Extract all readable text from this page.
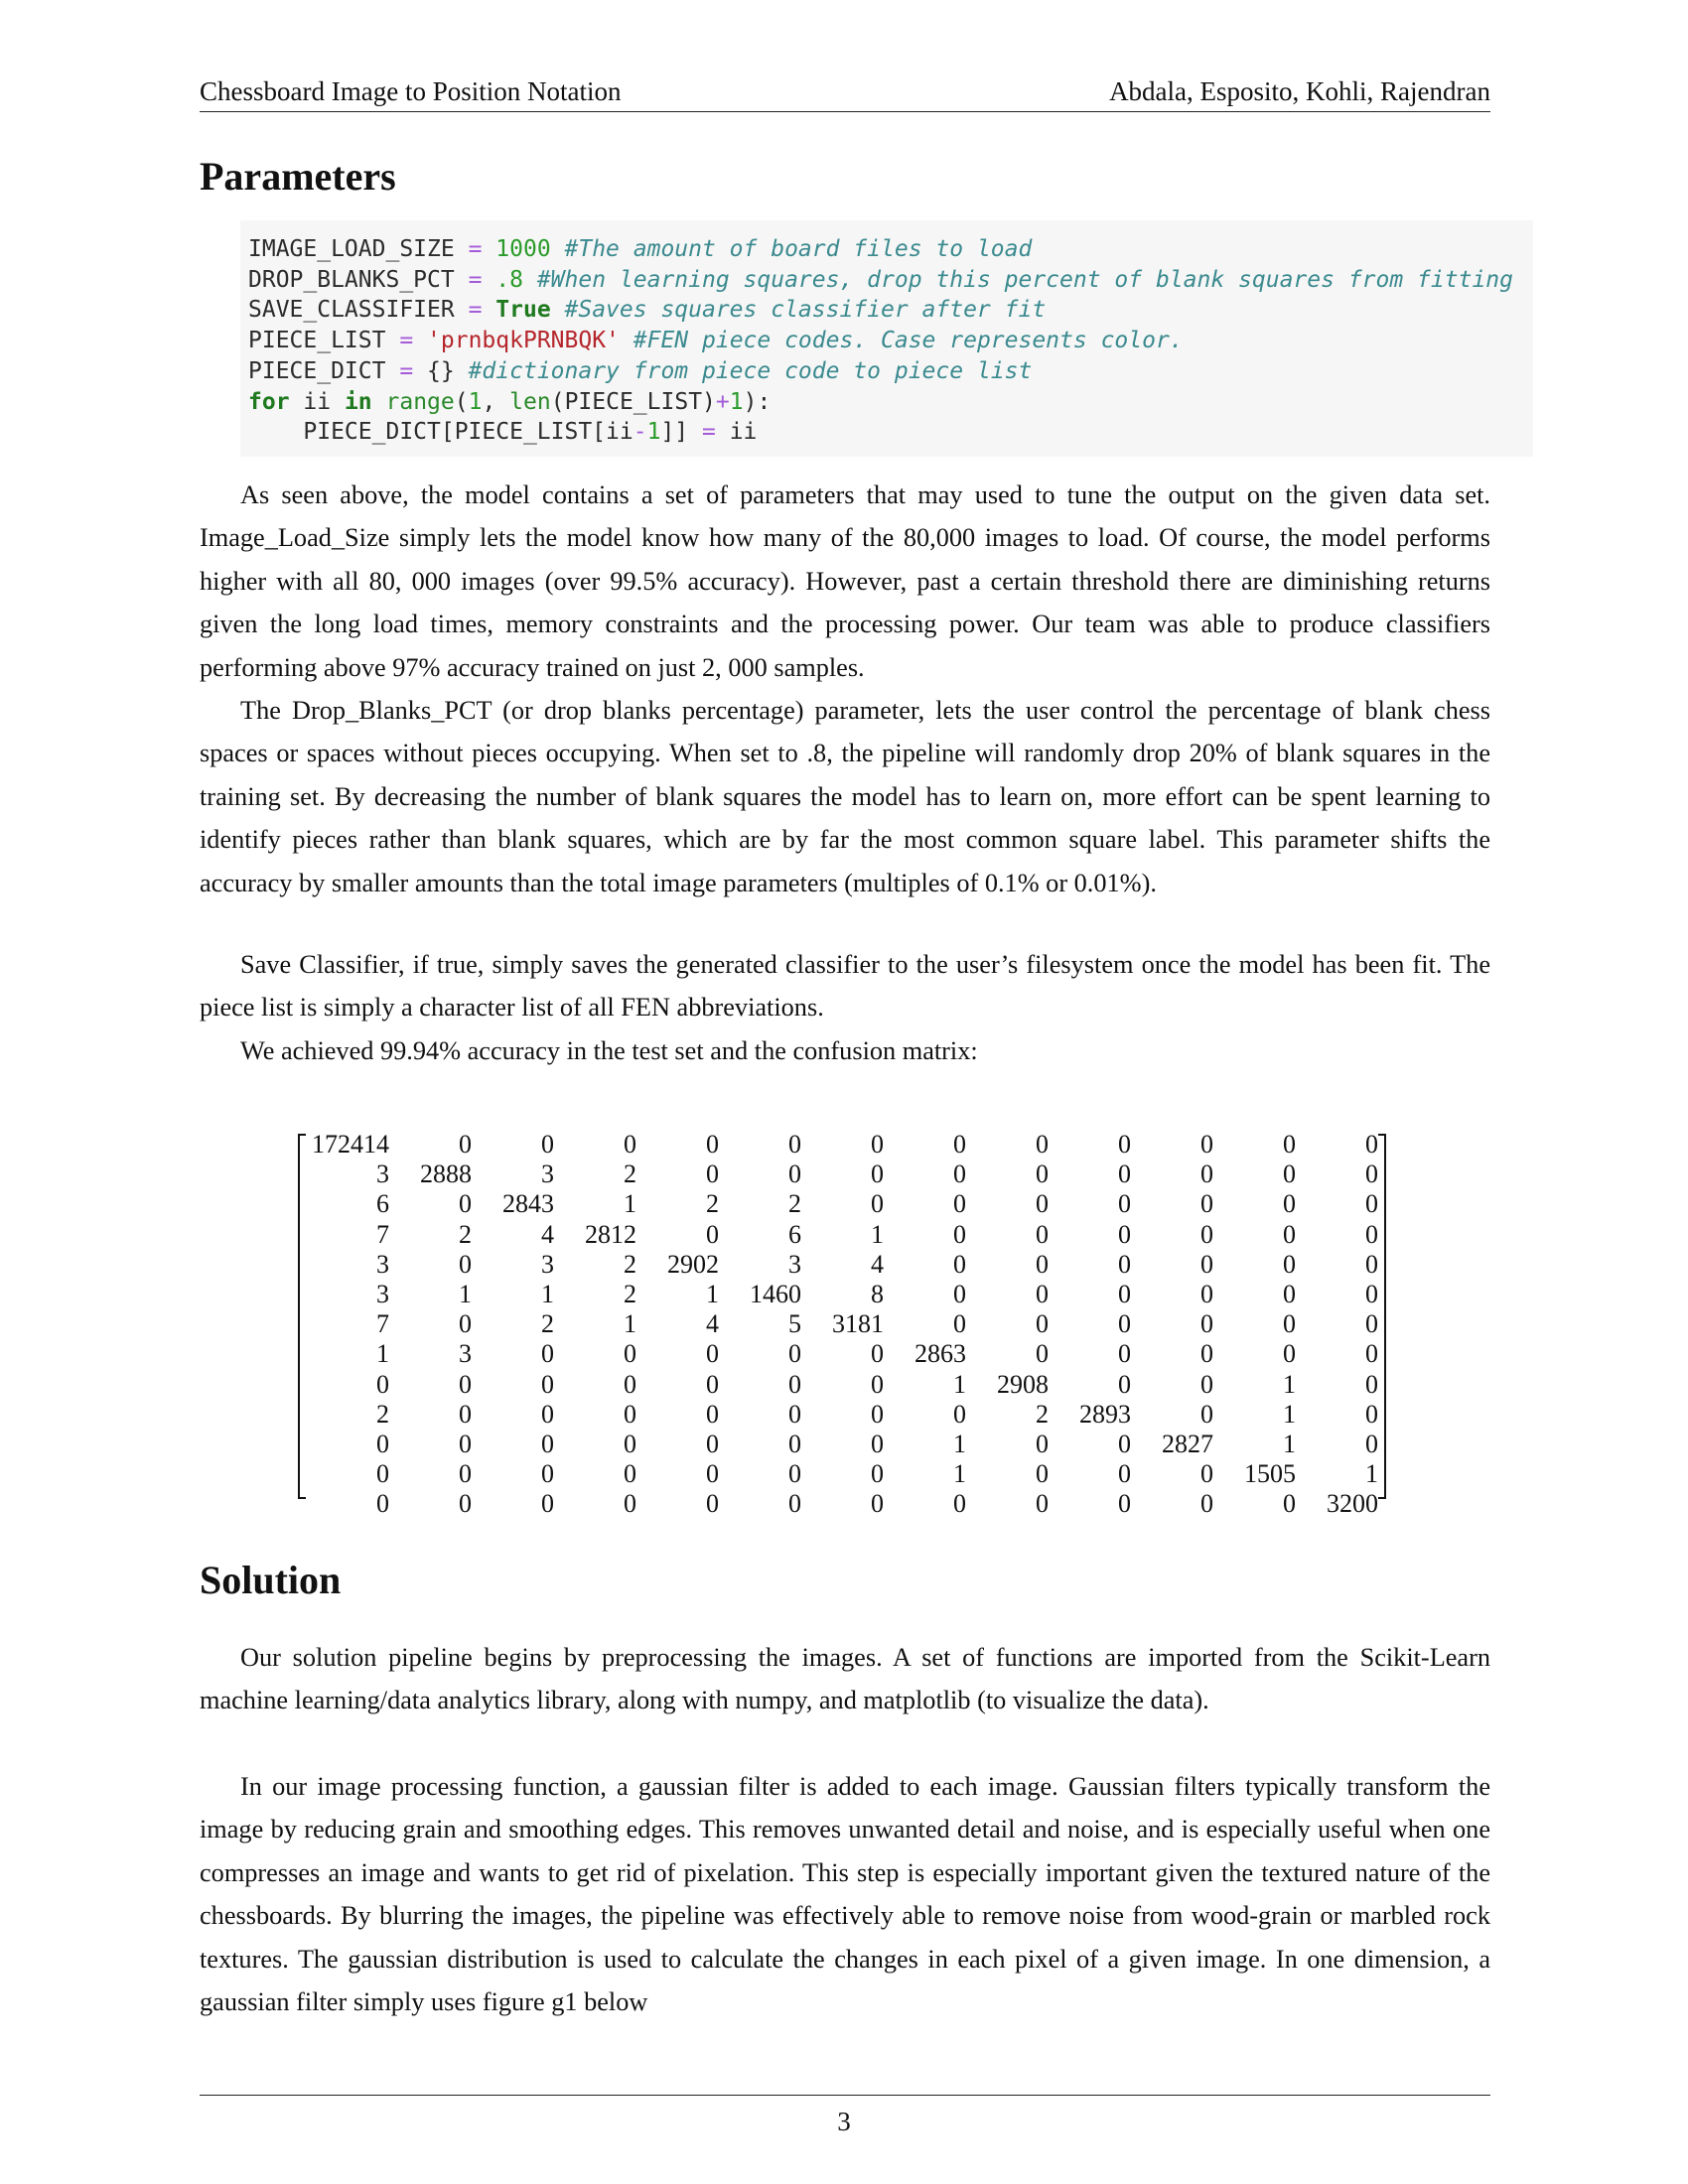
Chessboard Image to Position Notation	Abdala, Esposito, Kohli, Rajendran
Parameters
IMAGE_LOAD_SIZE = 1000 #The amount of board files to load
DROP_BLANKS_PCT = .8 #When learning squares, drop this percent of blank squares from fitting
SAVE_CLASSIFIER = True #Saves squares classifier after fit
PIECE_LIST = 'prnbqkPRNBQK' #FEN piece codes. Case represents color.
PIECE_DICT = {} #dictionary from piece code to piece list
for ii in range(1, len(PIECE_LIST)+1):
PIECE_DICT[PIECE_LIST[ii-1]] = ii

As seen above, the model contains a set of parameters that may used to tune the output on the given data set. Image_Load_Size simply lets the model know how many of the 80,000 images to load. Of course, the model performs higher with all 80, 000 images (over 99.5% accuracy). However, past a certain threshold there are diminishing returns given the long load times, memory constraints and the processing power. Our team was able to produce classifiers performing above 97% accuracy trained on just 2, 000 samples.

The Drop_Blanks_PCT (or drop blanks percentage) parameter, lets the user control the percentage of blank chess spaces or spaces without pieces occupying. When set to .8, the pipeline will randomly drop 20% of blank squares in the training set. By decreasing the number of blank squares the model has to learn on, more effort can be spent learning to identify pieces rather than blank squares, which are by far the most common square label. This parameter shifts the accuracy by smaller amounts than the total image parameters (multiples of 0.1% or 0.01%).

Save Classifier, if true, simply saves the generated classifier to the user’s filesystem once the model has been fit. The piece list is simply a character list of all FEN abbreviations.

We achieved 99.94% accuracy in the test set and the confusion matrix:

172414	0	0	0	0	0	0	0	0	0	0	0	0
3	2888	3	2	0	0	0	0	0	0	0	0	0
6	0	2843	1	2	2	0	0	0	0	0	0	0
7	2	4	2812	0	6	1	0	0	0	0	0	0
3	0	3	2	2902	3	4	0	0	0	0	0	0
3	1	1	2	1	1460	8	0	0	0	0	0	0
7	0	2	1	4	5	3181	0	0	0	0	0	0
1	3	0	0	0	0	0	2863	0	0	0	0	0
0	0	0	0	0	0	0	1	2908	0	0	1	0
2	0	0	0	0	0	0	0	2	2893	0	1	0
0	0	0	0	0	0	0	1	0	0	2827	1	0
0	0	0	0	0	0	0	1	0	0	0	1505	1
0	0	0	0	0	0	0	0	0	0	0	0	3200
Solution

Our solution pipeline begins by preprocessing the images. A set of functions are imported from the Scikit-Learn machine learning/data analytics library, along with numpy, and matplotlib (to visualize the data).

In our image processing function, a gaussian filter is added to each image. Gaussian filters typically transform the image by reducing grain and smoothing edges. This removes unwanted detail and noise, and is especially useful when one compresses an image and wants to get rid of pixelation. This step is especially important given the textured nature of the chessboards. By blurring the images, the pipeline was effectively able to remove noise from wood-grain or marbled rock textures. The gaussian distribution is used to calculate the changes in each pixel of a given image. In one dimension, a gaussian filter simply uses figure g1 below

3
